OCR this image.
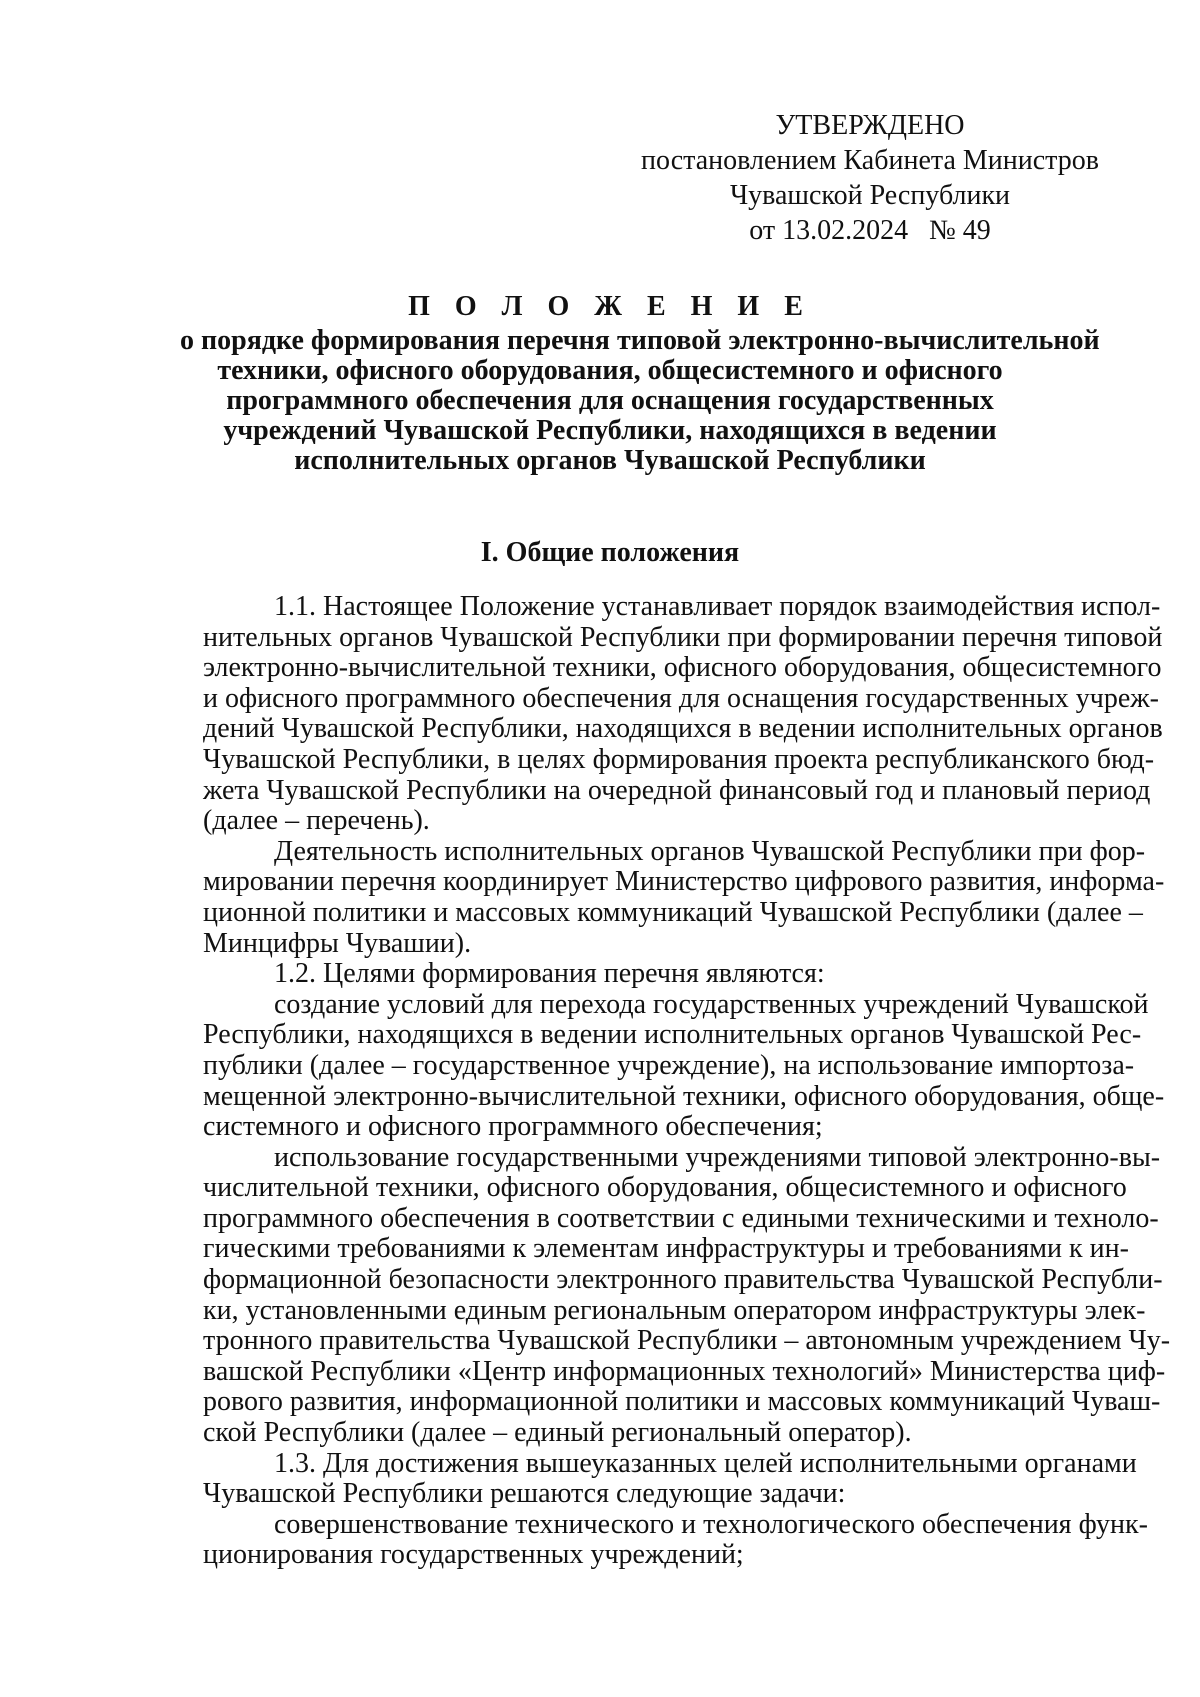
УТВЕРЖДЕНО
постановлением Кабинета Министров
Чувашской Республики
от 13.02.2024   № 49
П О Л О Ж Е Н И Е
о порядке формирования перечня типовой электронно-вычислительной
техники, офисного оборудования, общесистемного и офисного
программного обеспечения для оснащения государственных
учреждений Чувашской Республики, находящихся в ведении
исполнительных органов Чувашской Республики
I. Общие положения
1.1. Настоящее Положение устанавливает порядок взаимодействия испол-
нительных органов Чувашской Республики при формировании перечня типовой
электронно-вычислительной техники, офисного оборудования, общесистемного
и офисного программного обеспечения для оснащения государственных учреж-
дений Чувашской Республики, находящихся в ведении исполнительных органов
Чувашской Республики, в целях формирования проекта республиканского бюд-
жета Чувашской Республики на очередной финансовый год и плановый период
(далее – перечень).
Деятельность исполнительных органов Чувашской Республики при фор-
мировании перечня координирует Министерство цифрового развития, информа-
ционной политики и массовых коммуникаций Чувашской Республики (далее –
Минцифры Чувашии).
1.2. Целями формирования перечня являются:
создание условий для перехода государственных учреждений Чувашской
Республики, находящихся в ведении исполнительных органов Чувашской Рес-
публики (далее – государственное учреждение), на использование импортоза-
мещенной электронно-вычислительной техники, офисного оборудования, обще-
системного и офисного программного обеспечения;
использование государственными учреждениями типовой электронно-вы-
числительной техники, офисного оборудования, общесистемного и офисного
программного обеспечения в соответствии с едиными техническими и техноло-
гическими требованиями к элементам инфраструктуры и требованиями к ин-
формационной безопасности электронного правительства Чувашской Республи-
ки, установленными единым региональным оператором инфраструктуры элек-
тронного правительства Чувашской Республики – автономным учреждением Чу-
вашской Республики «Центр информационных технологий» Министерства циф-
рового развития, информационной политики и массовых коммуникаций Чуваш-
ской Республики (далее – единый региональный оператор).
1.3. Для достижения вышеуказанных целей исполнительными органами
Чувашской Республики решаются следующие задачи:
совершенствование технического и технологического обеспечения функ-
ционирования государственных учреждений;
